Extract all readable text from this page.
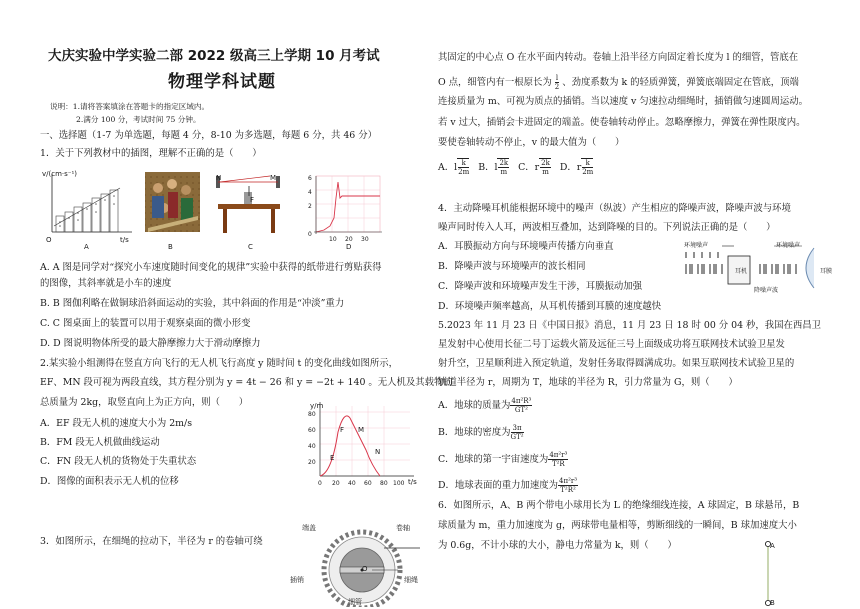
大庆实验中学实验二部 2022 级高三上学期 10 月考试
物理学科试题
说明：1.请将答案填涂在答题卡的指定区域内。
2.满分 100 分，考试时间 75 分钟。
一、选择题（1-7 为单选题，每题 4 分，8-10 为多选题，每题 6 分，共 46 分）
1．关于下列教材中的插图，理解不正确的是（　　）
v/(cm·s⁻¹)
O	t/s
N	M
F
6
4
2
0
10 20 30
A	B	C	D
A. A 图是同学对“探究小车速度随时间变化的规律”实验中获得的纸带进行剪贴获得
的图像，其斜率就是小车的速度
B. B 图伽利略在做铜球沿斜面运动的实验，其中斜面的作用是“冲淡”重力
C. C 图桌面上的装置可以用于观察桌面的微小形变
D. D 图说明物体所受的最大静摩擦力大于滑动摩擦力
2.某实验小组测得在竖直方向飞行的无人机飞行高度 y 随时间 t 的变化曲线如图所示，
EF、MN 段可视为两段直线，其方程分别为 y = 4t − 26 和 y = −2t + 140 。无人机及其载物的
总质量为 2kg，取竖直向上为正方向，则（　　）
A．EF 段无人机的速度大小为 2m/s
B．FM 段无人机做曲线运动
C．FN 段无人机的货物处于失重状态
D．图像的面积表示无人机的位移
y/m
80
60
40
20
0 20 40 60 80 100 t/s
F M
E
N
3．如图所示，在细绳的拉动下，半径为 r 的卷轴可绕
端盖	卷轴
插销	细绳
O
细管
其固定的中心点 O 在水平面内转动。卷轴上沿半径方向固定着长度为 l 的细管，管底在
O 点，细管内有一根原长为 $\frac{l}{2}$ 、劲度系数为 k 的轻质弹簧，弹簧底端固定在管底，顶端
连接质量为 m、可视为质点的插销。当以速度 v 匀速拉动细绳时，插销做匀速圆周运动。
若 v 过大，插销会卡进固定的端盖。使卷轴转动停止。忽略摩擦力，弹簧在弹性限度内。
要使卷轴转动不停止，v 的最大值为（　　）
A．l $\frac{k}{2m}$ B．l $\frac{2k}{m}$ C．r $\frac{2k}{m}$ D．r $\frac{k}{2m}$
4．主动降噪耳机能根据环境中的噪声（纵波）产生相应的降噪声波，降噪声波与环境
噪声同时传入人耳，两波相互叠加，达到降噪的目的。下列说法正确的是（　　）
A．耳膜振动方向与环境噪声传播方向垂直
B．降噪声波与环境噪声的波长相同
C．降噪声波和环境噪声发生干涉，耳膜振动加强
D．环境噪声频率越高，从耳机传播到耳膜的速度越快
环境噪声	环境噪声
耳机	耳膜
降噪声波
5.2023 年 11 月 23 日《中国日报》消息，11 月 23 日 18 时 00 分 04 秒，我国在西昌卫
星发射中心使用长征二号丁运载火箭及远征三号上面级成功将互联网技术试验卫星发
射升空，卫星顺利进入预定轨道，发射任务取得圆满成功。如果互联网技术试验卫星的
轨道半径为 r，周期为 T，地球的半径为 R，引力常量为 G，则（　　）
A．地球的质量为 $\frac{\text{4π²R³}}{\text{GT²}}$
B．地球的密度为 $\frac{3\pi}{\text{GT²}}$
C．地球的第一宇宙速度为 $\frac{\text{4π²r³}}{\text{T²R}}$
D．地球表面的重力加速度为 $\frac{\text{4π²r³}}{\text{T²R²}}$
6．如图所示，A、B 两个带电小球用长为 L 的绝缘细线连接，A 球固定，B 球悬吊，B
球质量为 m，重力加速度为 g，两球带电量相等，剪断细线的一瞬间，B 球加速度大小
为 0.6g，不计小球的大小，静电力常量为 k，则（　　）	A
B
